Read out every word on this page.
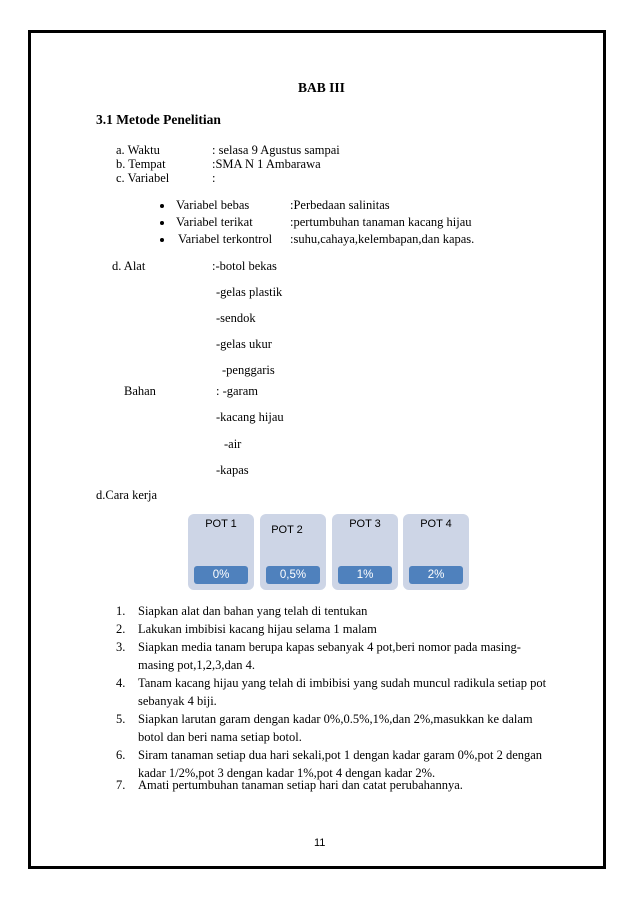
BAB III
3.1 Metode Penelitian
a. Waktu	: selasa 9 Agustus sampai
b. Tempat	:SMA N 1 Ambarawa
c. Variabel	:
Variabel bebas	:Perbedaan salinitas
Variabel terikat	:pertumbuhan tanaman kacang hijau
Variabel terkontrol :suhu,cahaya,kelembapan,dan kapas.
d. Alat	:-botol bekas
-gelas plastik
-sendok
-gelas ukur
-penggaris
Bahan	: -garam
-kacang hijau
-air
-kapas
d.Cara kerja
POT 1	POT 2	POT 3	POT 4
0%	0,5%	1%	2%
1. Siapkan alat dan bahan yang telah di tentukan
2. Lakukan imbibisi kacang hijau selama 1 malam
3. Siapkan media tanam berupa kapas sebanyak 4 pot,beri nomor pada masing-
masing pot,1,2,3,dan 4.
4. Tanam kacang hijau yang telah di imbibisi yang sudah muncul radikula setiap pot
sebanyak 4 biji.
5. Siapkan larutan garam dengan kadar 0%,0.5%,1%,dan 2%,masukkan ke dalam
botol dan beri nama setiap botol.
6. Siram tanaman setiap dua hari sekali,pot 1 dengan kadar garam 0%,pot 2 dengan
kadar 1/2%,pot 3 dengan kadar 1%,pot 4 dengan kadar 2%.
7. Amati pertumbuhan tanaman setiap hari dan catat perubahannya.
11
